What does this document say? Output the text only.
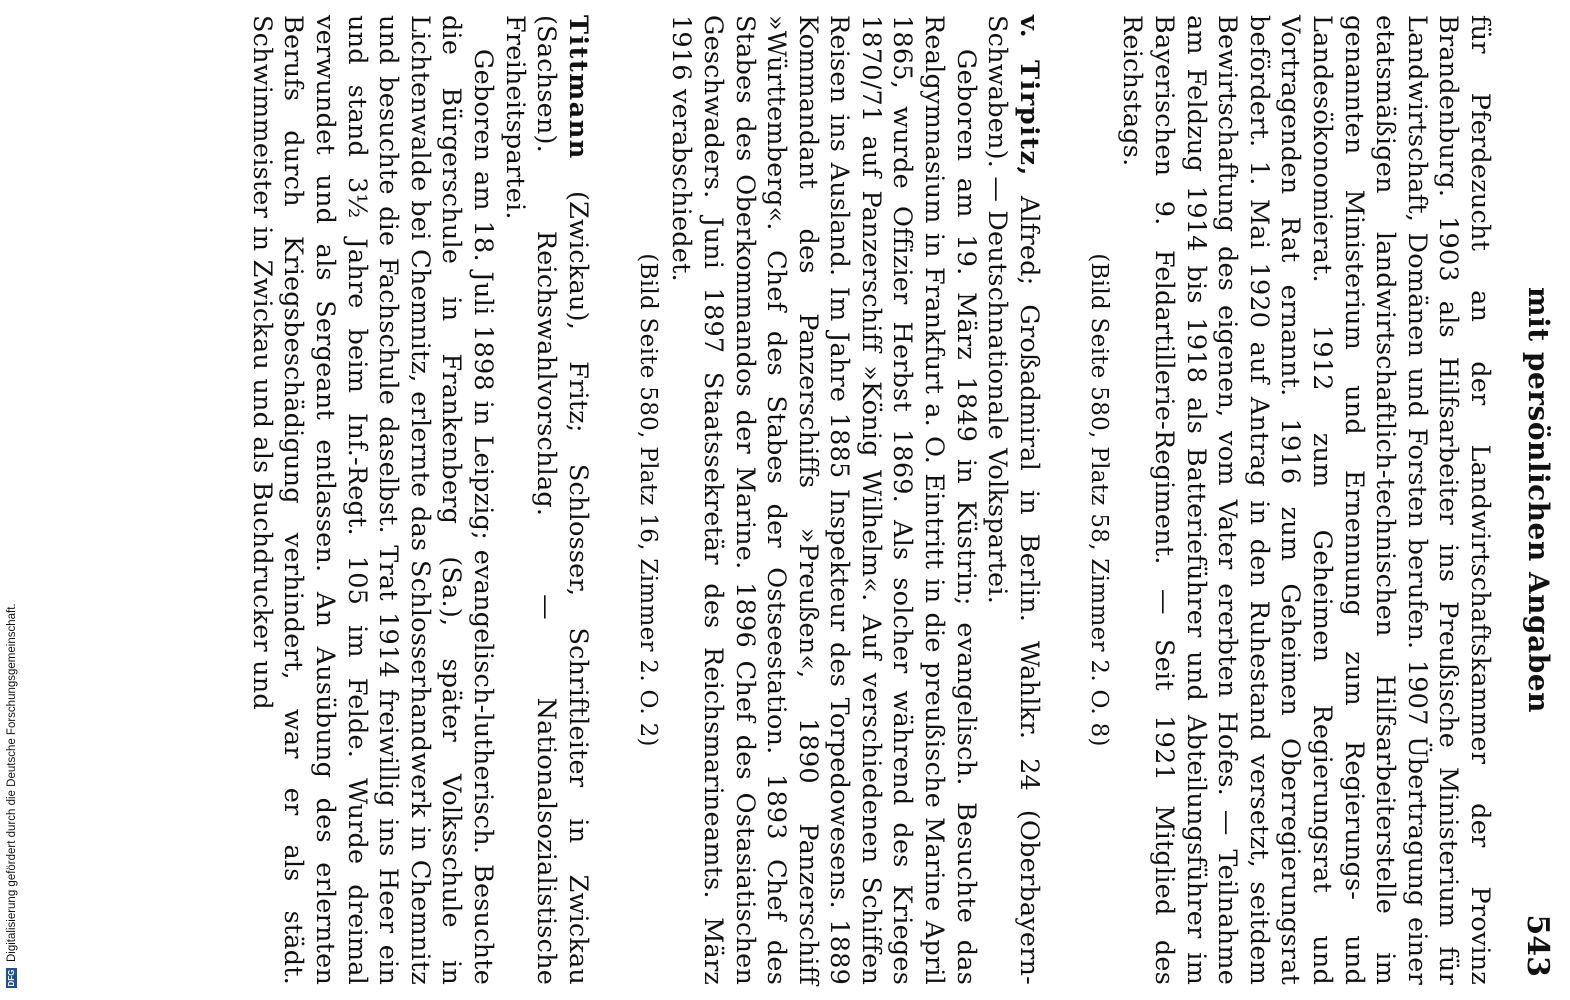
mit persönlichen Angaben
543

für Pferdezucht an der Landwirtschaftskammer der Provinz Brandenburg. 1903 als Hilfsarbeiter ins Preußische Ministerium für Landwirtschaft, Domänen und Forsten berufen. 1907 Übertragung einer etatsmäßigen landwirtschaftlich-technischen Hilfsarbeiterstelle im genannten Ministerium und Ernennung zum Regierungs- und Landesökonomierat. 1912 zum Geheimen Regierungsrat und Vortragenden Rat ernannt. 1916 zum Geheimen Oberregierungsrat befördert. 1. Mai 1920 auf Antrag in den Ruhestand versetzt, seitdem Bewirtschaftung des eigenen, vom Vater ererbten Hofes. — Teilnahme am Feldzug 1914 bis 1918 als Batterieführer und Abteilungsführer im Bayerischen 9. Feldartillerie-Regiment. — Seit 1921 Mitglied des Reichstags.

(Bild Seite 580, Platz 58, Zimmer 2. O. 8)

v. Tirpitz, Alfred; Großadmiral in Berlin. Wahlkr. 24 (Oberbayern-Schwaben). — Deutschnationale Volkspartei.

Geboren am 19. März 1849 in Küstrin; evangelisch. Besuchte das Realgymnasium in Frankfurt a. O. Eintritt in die preußische Marine April 1865, wurde Offizier Herbst 1869. Als solcher während des Krieges 1870/71 auf Panzerschiff »König Wilhelm«. Auf verschiedenen Schiffen Reisen ins Ausland. Im Jahre 1885 Inspekteur des Torpedowesens. 1889 Kommandant des Panzerschiffs »Preußen«, 1890 Panzerschiff »Württemberg«. Chef des Stabes der Ostseestation. 1893 Chef des Stabes des Oberkommandos der Marine. 1896 Chef des Ostasiatischen Geschwaders. Juni 1897 Staatssekretär des Reichsmarineamts. März 1916 verabschiedet.

(Bild Seite 580, Platz 16, Zimmer 2. O. 2)

Tittmann (Zwickau), Fritz; Schlosser, Schriftleiter in Zwickau (Sachsen). Reichswahlvorschlag. — Nationalsozialistische Freiheitspartei.

Geboren am 18. Juli 1898 in Leipzig; evangelisch-lutherisch. Besuchte die Bürgerschule in Frankenberg (Sa.), später Volksschule in Lichtenwalde bei Chemnitz, erlernte das Schlosserhandwerk in Chemnitz und besuchte die Fachschule daselbst. Trat 1914 freiwillig ins Heer ein und stand 3½ Jahre beim Inf.-Regt. 105 im Felde. Wurde dreimal verwundet und als Sergeant entlassen. An Ausübung des erlernten Berufs durch Kriegsbeschädigung verhindert, war er als städt. Schwimmeister in Zwickau und als Buchdrucker und

DFGDigitalisierung gefördert durch die Deutsche Forschungsgemeinschaft.
